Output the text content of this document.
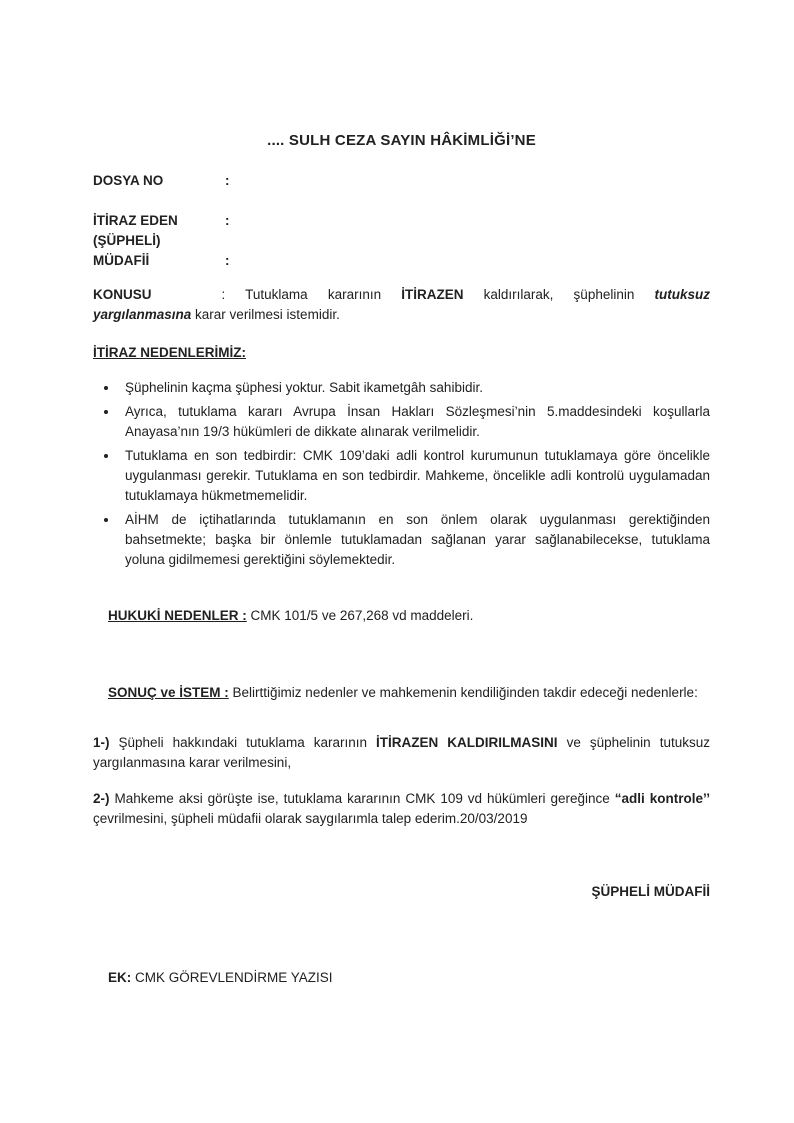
.... SULH CEZA SAYIN HÂKİMLİĞİ’NE
DOSYA NO	:
İTİRAZ EDEN	:
(ŞÜPHELİ)
MÜDAFİİ	:

KONUSU	: Tutuklama kararının İTİRAZEN kaldırılarak, şüphelinin tutuksuz yargılanmasına karar verilmesi istemidir.

İTİRAZ NEDENLERİMİZ:
• Şüphelinin kaçma şüphesi yoktur. Sabit ikametgâh sahibidir.
• Ayrıca, tutuklama kararı Avrupa İnsan Hakları Sözleşmesi’nin 5.maddesindeki koşullarla Anayasa’nın 19/3 hükümleri de dikkate alınarak verilmelidir.
• Tutuklama en son tedbirdir: CMK 109’daki adli kontrol kurumunun tutuklamaya göre öncelikle uygulanması gerekir. Tutuklama en son tedbirdir. Mahkeme, öncelikle adli kontrolü uygulamadan tutuklamaya hükmetmemelidir.
• AİHM de içtihatlarında tutuklamanın en son önlem olarak uygulanması gerektiğinden bahsetmekte; başka bir önlemle tutuklamadan sağlanan yarar sağlanabilecekse, tutuklama yoluna gidilmemesi gerektiğini söylemektedir.

HUKUKİ NEDENLER : CMK 101/5 ve 267,268 vd maddeleri.

SONUÇ ve İSTEM : Belirttiğimiz nedenler ve mahkemenin kendiliğinden takdir edeceği nedenlerle:

1-) Şüpheli hakkındaki tutuklama kararının İTİRAZEN KALDIRILMASINI ve şüphelinin tutuksuz yargılanmasına karar verilmesini,

2-) Mahkeme aksi görüşte ise, tutuklama kararının CMK 109 vd hükümleri gereğince “adli kontrole’’ çevrilmesini, şüpheli müdafii olarak saygılarımla talep ederim.20/03/2019

ŞÜPHELİ MÜDAFİİ

EK: CMK GÖREVLENDİRME YAZISI
